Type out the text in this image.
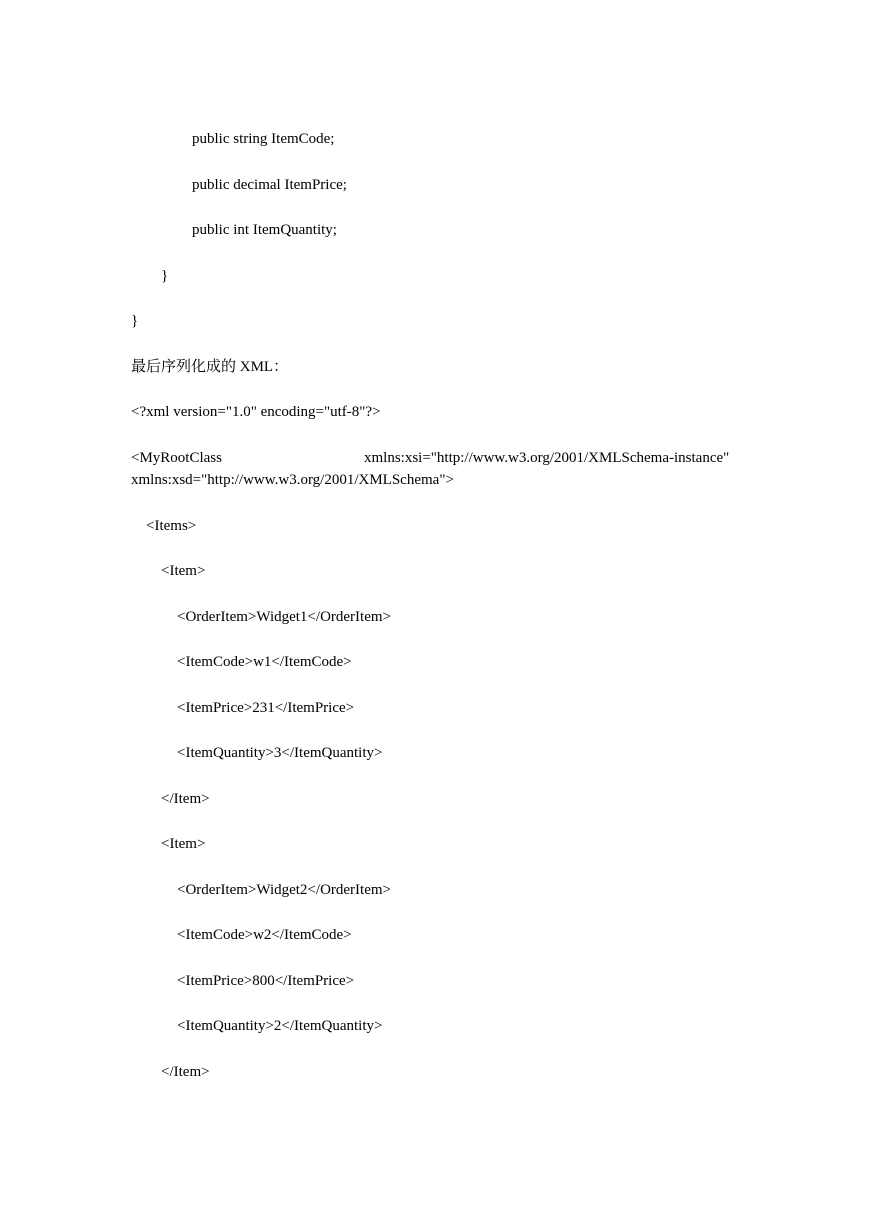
public string ItemCode;
public decimal ItemPrice;
public int ItemQuantity;
}
}
最后序列化成的 XML：
<?xml version="1.0" encoding="utf-8"?>
<MyRootClass	xmlns:xsi="http://www.w3.org/2001/XMLSchema-instance"
xmlns:xsd="http://www.w3.org/2001/XMLSchema">
<Items>
<Item>
<OrderItem>Widget1</OrderItem>
<ItemCode>w1</ItemCode>
<ItemPrice>231</ItemPrice>
<ItemQuantity>3</ItemQuantity>
</Item>
<Item>
<OrderItem>Widget2</OrderItem>
<ItemCode>w2</ItemCode>
<ItemPrice>800</ItemPrice>
<ItemQuantity>2</ItemQuantity>
</Item>
